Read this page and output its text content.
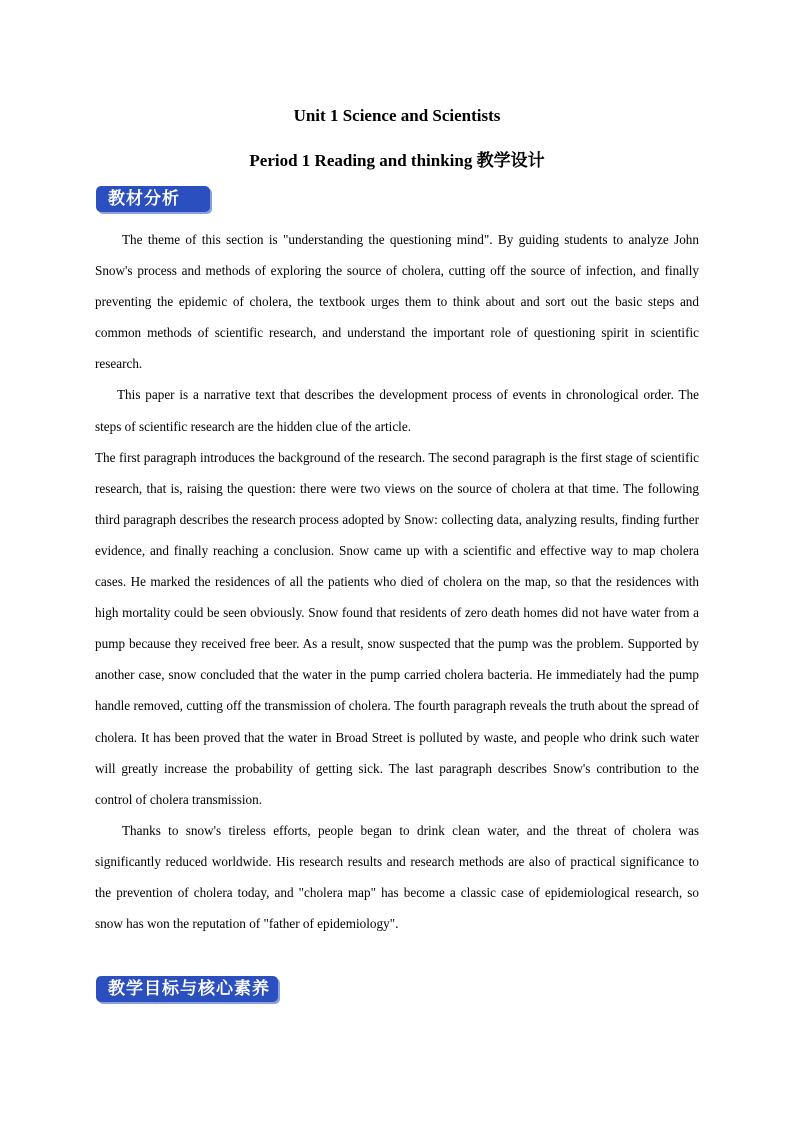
Unit 1 Science and Scientists
Period 1 Reading and thinking 教学设计
教材分析

The theme of this section is "understanding the questioning mind". By guiding students to analyze John Snow's process and methods of exploring the source of cholera, cutting off the source of infection, and finally preventing the epidemic of cholera, the textbook urges them to think about and sort out the basic steps and common methods of scientific research, and understand the important role of questioning spirit in scientific research.

This paper is a narrative text that describes the development process of events in chronological order. The steps of scientific research are the hidden clue of the article.

The first paragraph introduces the background of the research. The second paragraph is the first stage of scientific research, that is, raising the question: there were two views on the source of cholera at that time. The following third paragraph describes the research process adopted by Snow: collecting data, analyzing results, finding further evidence, and finally reaching a conclusion. Snow came up with a scientific and effective way to map cholera cases. He marked the residences of all the patients who died of cholera on the map, so that the residences with high mortality could be seen obviously. Snow found that residents of zero death homes did not have water from a pump because they received free beer. As a result, snow suspected that the pump was the problem. Supported by another case, snow concluded that the water in the pump carried cholera bacteria. He immediately had the pump handle removed, cutting off the transmission of cholera. The fourth paragraph reveals the truth about the spread of cholera. It has been proved that the water in Broad Street is polluted by waste, and people who drink such water will greatly increase the probability of getting sick. The last paragraph describes Snow's contribution to the control of cholera transmission.

Thanks to snow's tireless efforts, people began to drink clean water, and the threat of cholera was significantly reduced worldwide. His research results and research methods are also of practical significance to the prevention of cholera today, and "cholera map" has become a classic case of epidemiological research, so snow has won the reputation of "father of epidemiology".

教学目标与核心素养
